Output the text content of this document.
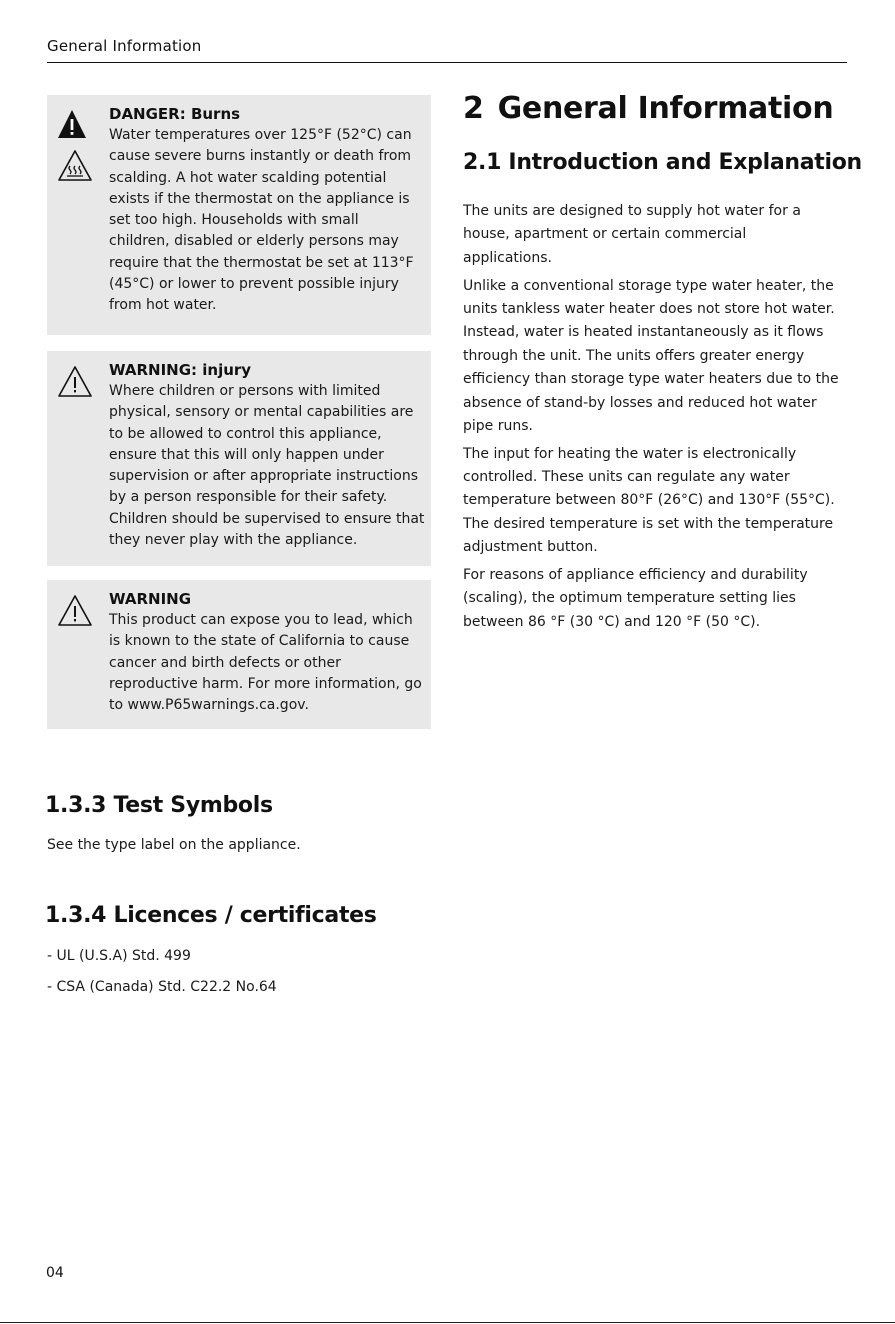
General Information
DANGER: Burns
Water temperatures over 125°F (52°C) can
cause severe burns instantly or death from
scalding. A hot water scalding potential
exists if the thermostat on the appliance is
set too high. Households with small
children, disabled or elderly persons may
require that the thermostat be set at 113°F
(45°C) or lower to prevent possible injury
from hot water.
WARNING: injury
Where children or persons with limited
physical, sensory or mental capabilities are
to be allowed to control this appliance,
ensure that this will only happen under
supervision or after appropriate instructions
by a person responsible for their safety.
Children should be supervised to ensure that
they never play with the appliance.
WARNING
This product can expose you to lead, which
is known to the state of California to cause
cancer and birth defects or other
reproductive harm. For more information, go
to www.P65warnings.ca.gov.
2 General Information
2.1 Introduction and Explanation
The units are designed to supply hot water for a
house, apartment or certain commercial
applications.
Unlike a conventional storage type water heater, the
units tankless water heater does not store hot water.
Instead, water is heated instantaneously as it flows
through the unit. The units offers greater energy
efficiency than storage type water heaters due to the
absence of stand-by losses and reduced hot water
pipe runs.
The input for heating the water is electronically
controlled. These units can regulate any water
temperature between 80°F (26°C) and 130°F (55°C).
The desired temperature is set with the temperature
adjustment button.
For reasons of appliance efficiency and durability
(scaling), the optimum temperature setting lies
between 86 °F (30 °C) and 120 °F (50 °C).
1.3.3 Test Symbols
See the type label on the appliance.
1.3.4 Licences / certificates
- UL (U.S.A) Std. 499
- CSA (Canada) Std. C22.2 No.64
04
